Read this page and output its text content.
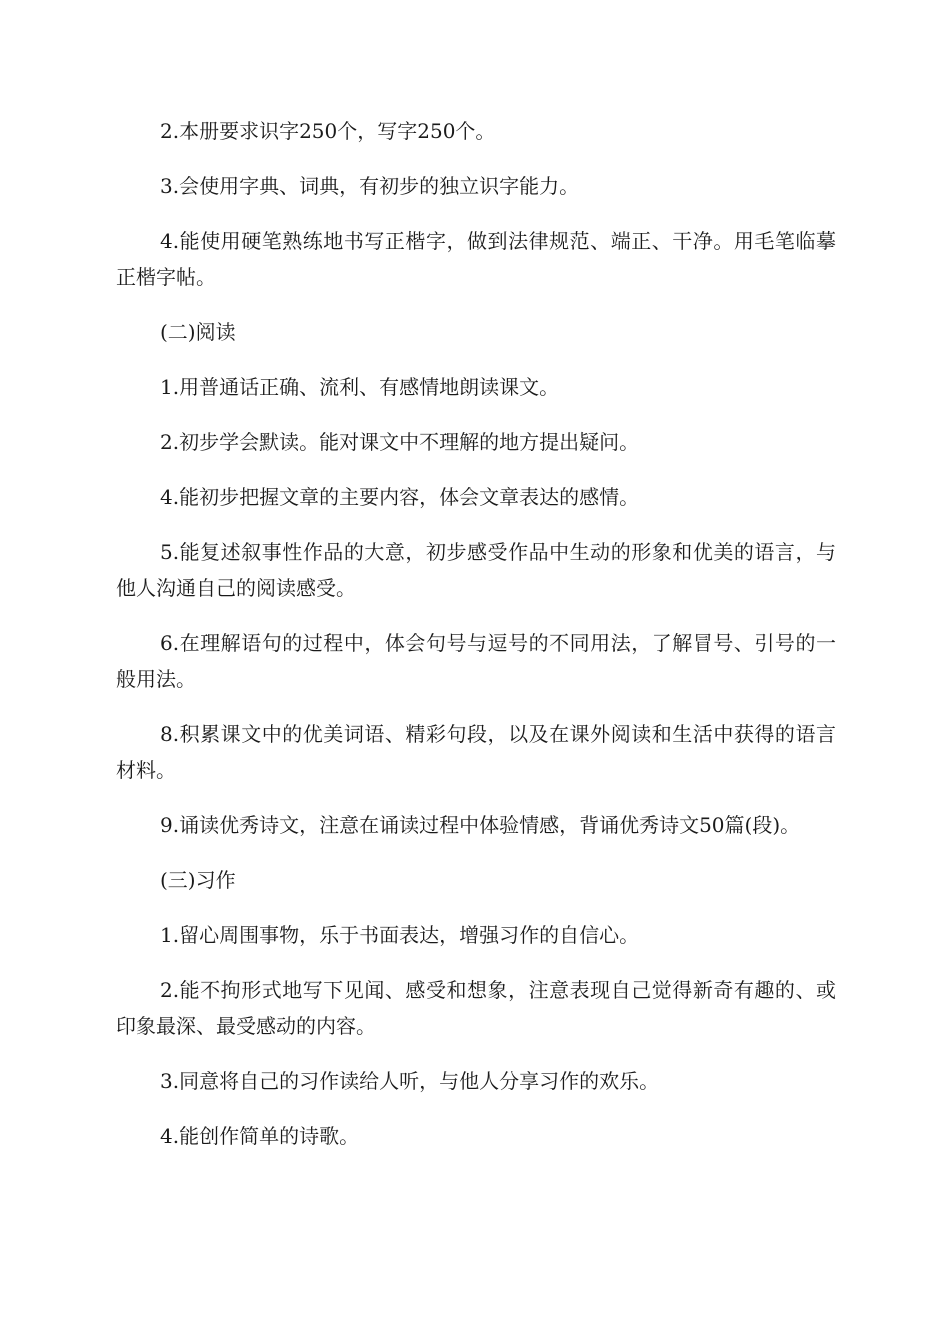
2.本册要求识字250个，写字250个。

3.会使用字典、词典，有初步的独立识字能力。

4.能使用硬笔熟练地书写正楷字，做到法律规范、端正、干净。用毛笔临摹正楷字帖。

(二)阅读

1.用普通话正确、流利、有感情地朗读课文。

2.初步学会默读。能对课文中不理解的地方提出疑问。

4.能初步把握文章的主要内容，体会文章表达的感情。

5.能复述叙事性作品的大意，初步感受作品中生动的形象和优美的语言，与他人沟通自己的阅读感受。

6.在理解语句的过程中，体会句号与逗号的不同用法，了解冒号、引号的一般用法。

8.积累课文中的优美词语、精彩句段，以及在课外阅读和生活中获得的语言材料。

9.诵读优秀诗文，注意在诵读过程中体验情感，背诵优秀诗文50篇(段)。

(三)习作

1.留心周围事物，乐于书面表达，增强习作的自信心。

2.能不拘形式地写下见闻、感受和想象，注意表现自己觉得新奇有趣的、或印象最深、最受感动的内容。

3.同意将自己的习作读给人听，与他人分享习作的欢乐。

4.能创作简单的诗歌。
